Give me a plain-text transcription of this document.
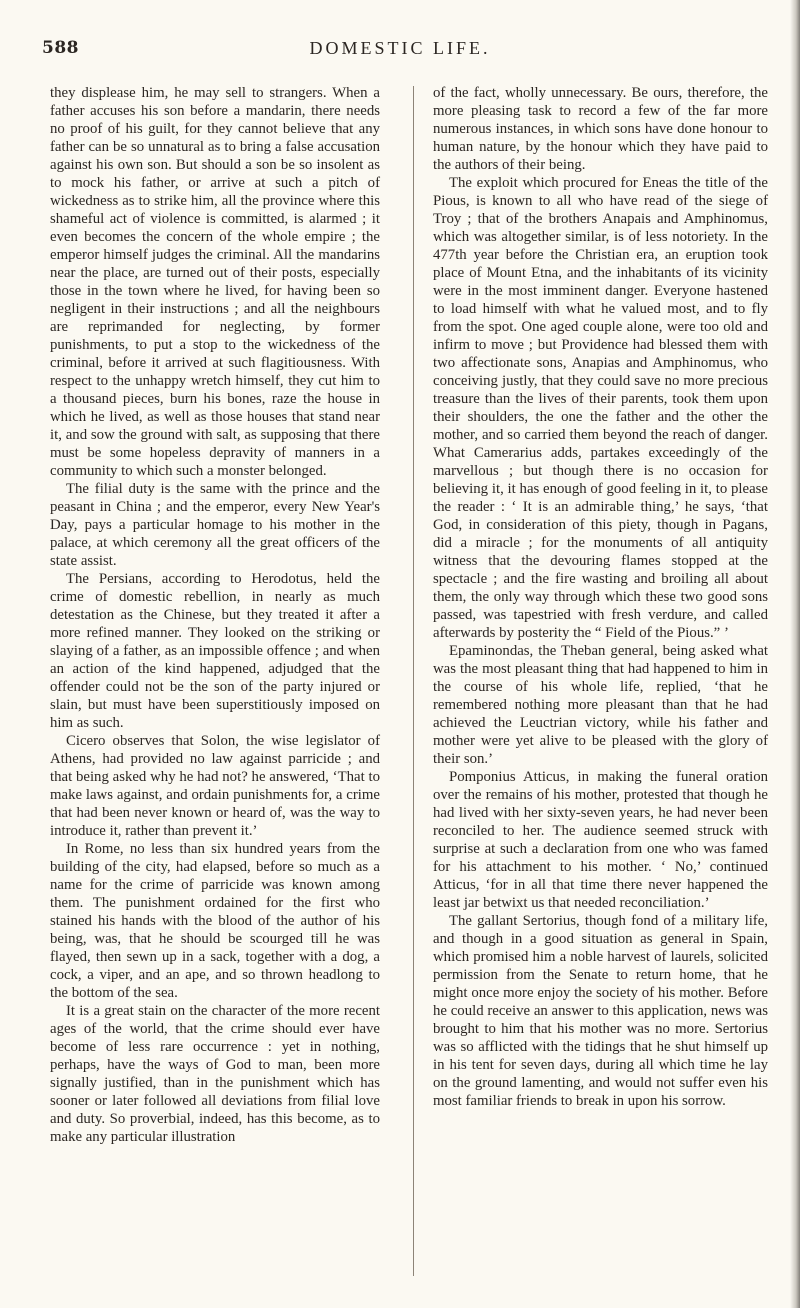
588	DOMESTIC LIFE.

they displease him, he may sell to strangers. When a father accuses his son before a mandarin, there needs no proof of his guilt, for they cannot believe that any father can be so unnatural as to bring a false accusation against his own son. But should a son be so insolent as to mock his father, or arrive at such a pitch of wickedness as to strike him, all the province where this shameful act of violence is committed, is alarmed ; it even becomes the concern of the whole empire ; the emperor himself judges the criminal. All the mandarins near the place, are turned out of their posts, especially those in the town where he lived, for having been so negligent in their instructions ; and all the neighbours are reprimanded for neglecting, by former punishments, to put a stop to the wickedness of the criminal, before it arrived at such flagitiousness. With respect to the unhappy wretch himself, they cut him to a thousand pieces, burn his bones, raze the house in which he lived, as well as those houses that stand near it, and sow the ground with salt, as supposing that there must be some hopeless depravity of manners in a community to which such a monster belonged.

The filial duty is the same with the prince and the peasant in China ; and the emperor, every New Year's Day, pays a particular homage to his mother in the palace, at which ceremony all the great officers of the state assist.

The Persians, according to Herodotus, held the crime of domestic rebellion, in nearly as much detestation as the Chinese, but they treated it after a more refined manner. They looked on the striking or slaying of a father, as an impossible offence ; and when an action of the kind happened, adjudged that the offender could not be the son of the party injured or slain, but must have been superstitiously imposed on him as such.

Cicero observes that Solon, the wise legislator of Athens, had provided no law against parricide ; and that being asked why he had not? he answered, ‘That to make laws against, and ordain punishments for, a crime that had been never known or heard of, was the way to introduce it, rather than prevent it.’

In Rome, no less than six hundred years from the building of the city, had elapsed, before so much as a name for the crime of parricide was known among them. The punishment ordained for the first who stained his hands with the blood of the author of his being, was, that he should be scourged till he was flayed, then sewn up in a sack, together with a dog, a cock, a viper, and an ape, and so thrown headlong to the bottom of the sea.

It is a great stain on the character of the more recent ages of the world, that the crime should ever have become of less rare occurrence : yet in nothing, perhaps, have the ways of God to man, been more signally justified, than in the punishment which has sooner or later followed all deviations from filial love and duty. So proverbial, indeed, has this become, as to make any particular illustration

of the fact, wholly unnecessary. Be ours, therefore, the more pleasing task to record a few of the far more numerous instances, in which sons have done honour to human nature, by the honour which they have paid to the authors of their being.

The exploit which procured for Eneas the title of the Pious, is known to all who have read of the siege of Troy ; that of the brothers Anapais and Amphinomus, which was altogether similar, is of less notoriety. In the 477th year before the Christian era, an eruption took place of Mount Etna, and the inhabitants of its vicinity were in the most imminent danger. Everyone hastened to load himself with what he valued most, and to fly from the spot. One aged couple alone, were too old and infirm to move ; but Providence had blessed them with two affectionate sons, Anapias and Amphinomus, who conceiving justly, that they could save no more precious treasure than the lives of their parents, took them upon their shoulders, the one the father and the other the mother, and so carried them beyond the reach of danger. What Camerarius adds, partakes exceedingly of the marvellous ; but though there is no occasion for believing it, it has enough of good feeling in it, to please the reader : ‘ It is an admirable thing,’ he says, ‘that God, in consideration of this piety, though in Pagans, did a miracle ; for the monuments of all antiquity witness that the devouring flames stopped at the spectacle ; and the fire wasting and broiling all about them, the only way through which these two good sons passed, was tapestried with fresh verdure, and called afterwards by posterity the “ Field of the Pious.” ’

Epaminondas, the Theban general, being asked what was the most pleasant thing that had happened to him in the course of his whole life, replied, ‘that he remembered nothing more pleasant than that he had achieved the Leuctrian victory, while his father and mother were yet alive to be pleased with the glory of their son.’

Pomponius Atticus, in making the funeral oration over the remains of his mother, protested that though he had lived with her sixty-seven years, he had never been reconciled to her. The audience seemed struck with surprise at such a declaration from one who was famed for his attachment to his mother. ‘ No,’ continued Atticus, ‘for in all that time there never happened the least jar betwixt us that needed reconciliation.’

The gallant Sertorius, though fond of a military life, and though in a good situation as general in Spain, which promised him a noble harvest of laurels, solicited permission from the Senate to return home, that he might once more enjoy the society of his mother. Before he could receive an answer to this application, news was brought to him that his mother was no more. Sertorius was so afflicted with the tidings that he shut himself up in his tent for seven days, during all which time he lay on the ground lamenting, and would not suffer even his most familiar friends to break in upon his sorrow.
